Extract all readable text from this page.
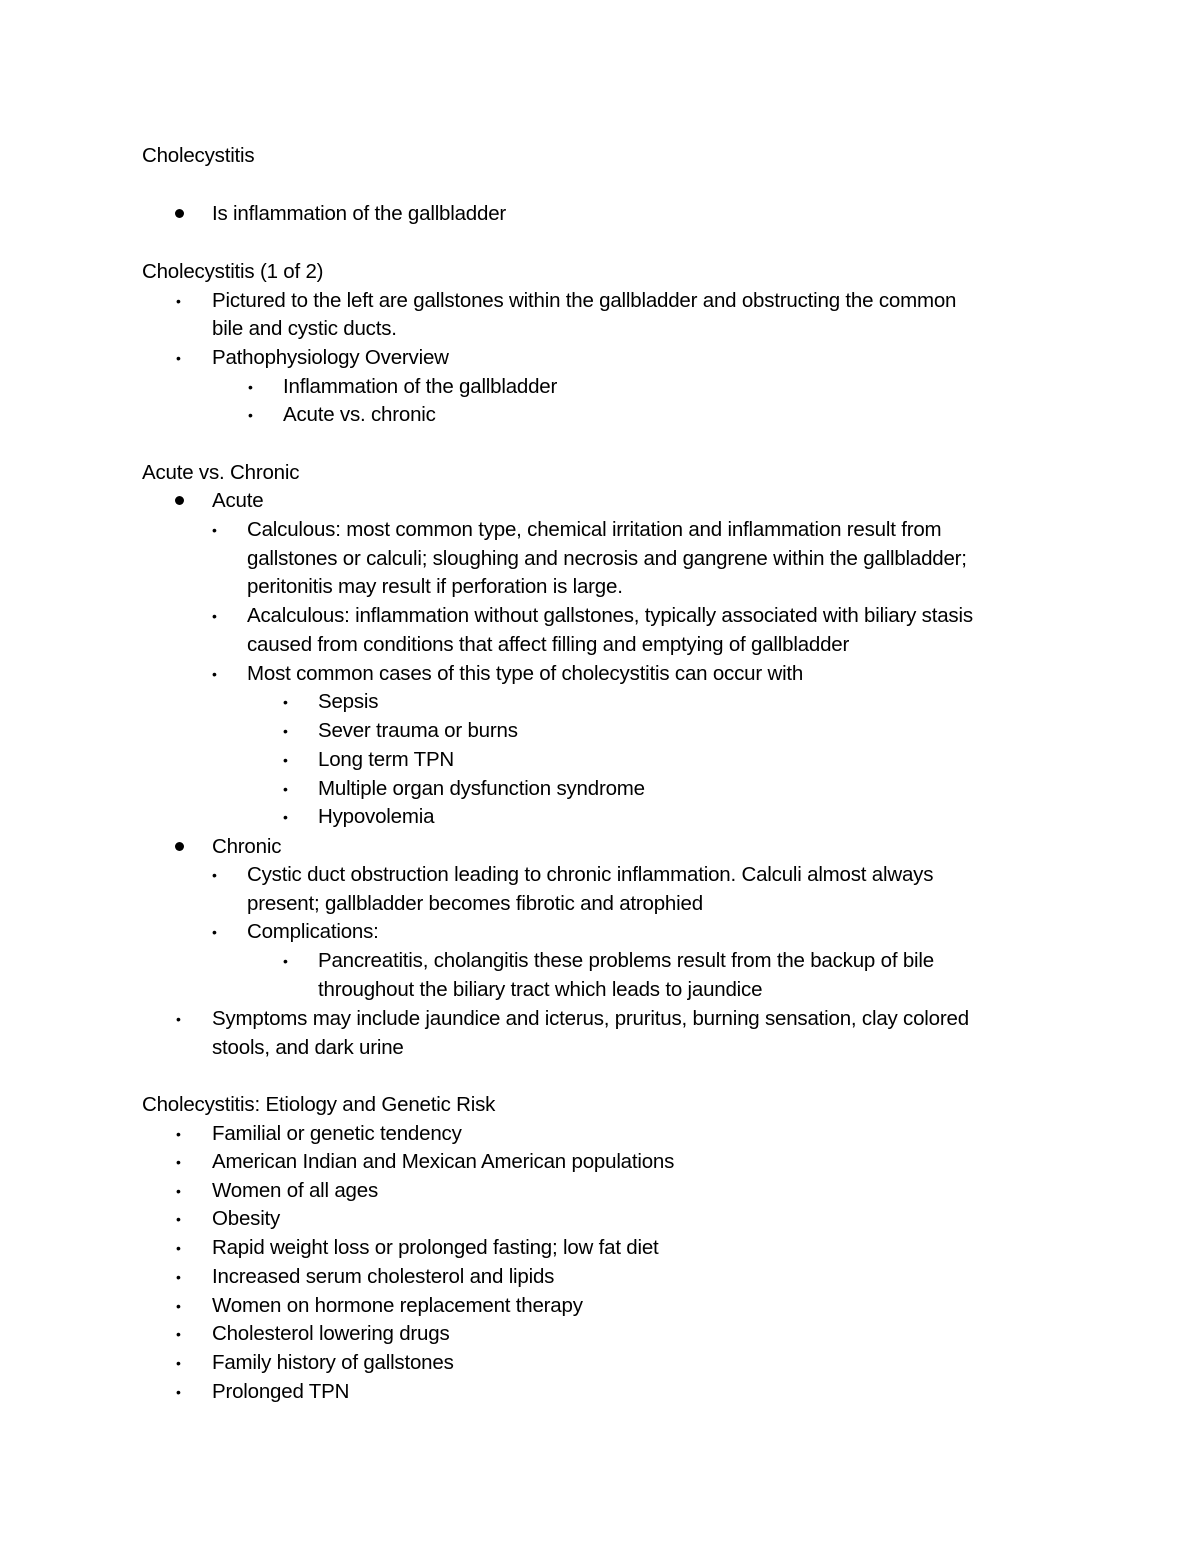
Cholecystitis
Is inflammation of the gallbladder
Cholecystitis (1 of 2)
• Pictured to the left are gallstones within the gallbladder and obstructing the common
bile and cystic ducts.
• Pathophysiology Overview
• Inflammation of the gallbladder
• Acute vs. chronic
Acute vs. Chronic
Acute
• Calculous: most common type, chemical irritation and inflammation result from
gallstones or calculi; sloughing and necrosis and gangrene within the gallbladder;
peritonitis may result if perforation is large.
• Acalculous: inflammation without gallstones, typically associated with biliary stasis
caused from conditions that affect filling and emptying of gallbladder
• Most common cases of this type of cholecystitis can occur with
• Sepsis
• Sever trauma or burns
• Long term TPN
• Multiple organ dysfunction syndrome
• Hypovolemia
Chronic
• Cystic duct obstruction leading to chronic inflammation. Calculi almost always
present; gallbladder becomes fibrotic and atrophied
• Complications:
• Pancreatitis, cholangitis these problems result from the backup of bile
throughout the biliary tract which leads to jaundice
• Symptoms may include jaundice and icterus, pruritus, burning sensation, clay colored
stools, and dark urine
Cholecystitis: Etiology and Genetic Risk
• Familial or genetic tendency
• American Indian and Mexican American populations
• Women of all ages
• Obesity
• Rapid weight loss or prolonged fasting; low fat diet
• Increased serum cholesterol and lipids
• Women on hormone replacement therapy
• Cholesterol lowering drugs
• Family history of gallstones
• Prolonged TPN
